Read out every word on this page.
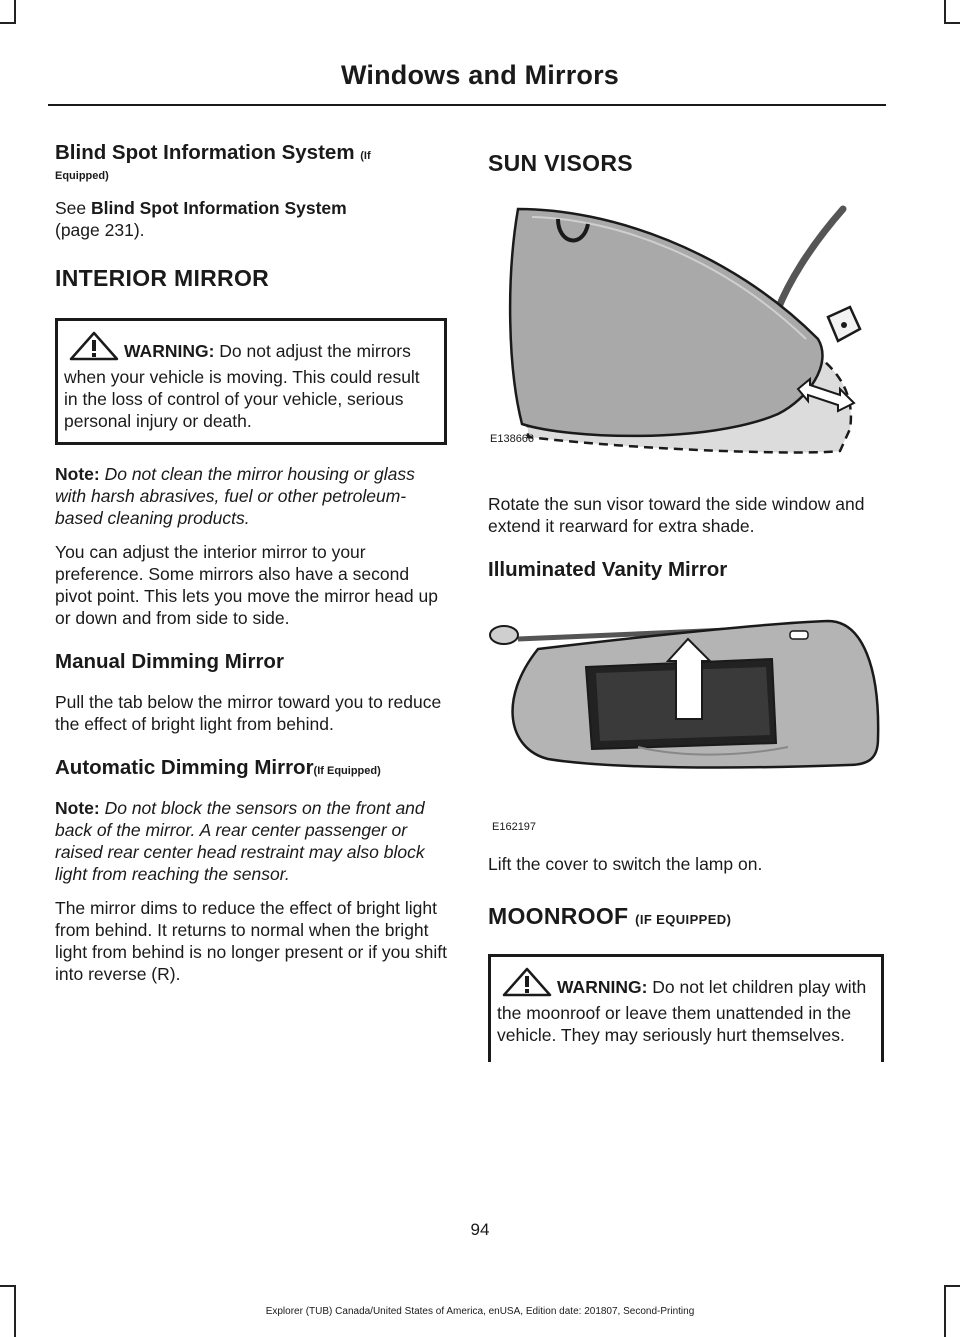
Windows and Mirrors
Blind Spot Information System (If
Equipped)

See Blind Spot Information System
(page 231).

INTERIOR MIRROR
WARNING: Do not adjust the mirrors when your vehicle is moving. This could result in the loss of control of your vehicle, serious personal injury or death.

Note: Do not clean the mirror housing or glass with harsh abrasives, fuel or other petroleum-based cleaning products.

You can adjust the interior mirror to your preference. Some mirrors also have a second pivot point. This lets you move the mirror head up or down and from side to side.

Manual Dimming Mirror

Pull the tab below the mirror toward you to reduce the effect of bright light from behind.

Automatic Dimming Mirror(If Equipped)

Note: Do not block the sensors on the front and back of the mirror. A rear center passenger or raised rear center head restraint may also block light from reaching the sensor.

The mirror dims to reduce the effect of bright light from behind. It returns to normal when the bright light from behind is no longer present or if you shift into reverse (R).

SUN VISORS
E138666

Rotate the sun visor toward the side window and extend it rearward for extra shade.

Illuminated Vanity Mirror
E162197

Lift the cover to switch the lamp on.

MOONROOF (IF EQUIPPED)
WARNING: Do not let children play with the moonroof or leave them unattended in the vehicle. They may seriously hurt themselves.
94
Explorer (TUB) Canada/United States of America, enUSA, Edition date: 201807, Second-Printing
